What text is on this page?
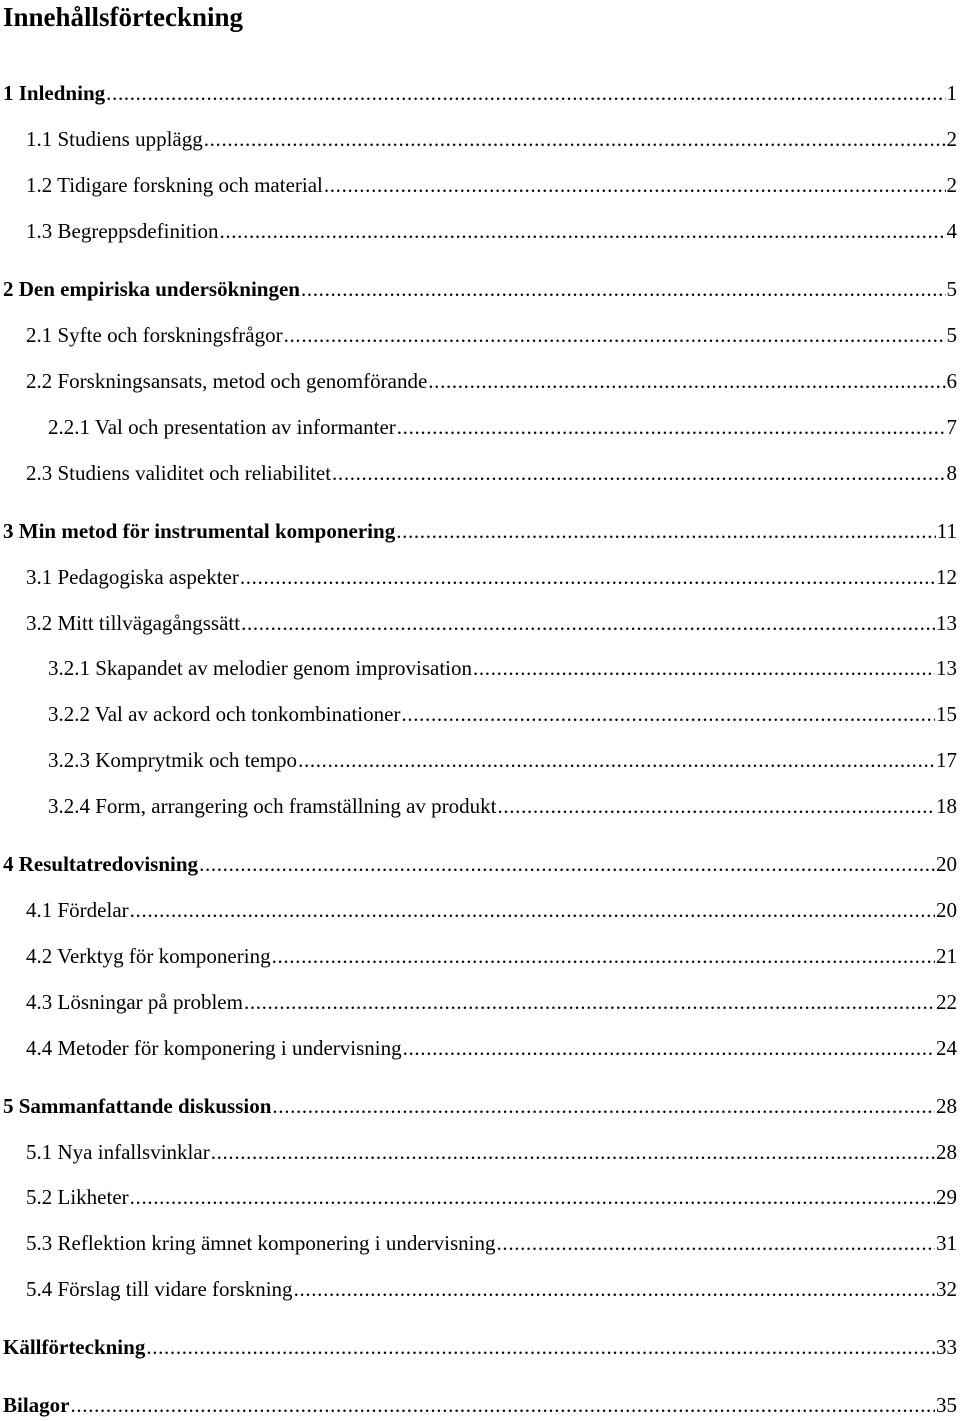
Innehållsförteckning
1 Inledning . . .	1
1.1 Studiens upplägg . . .	2
1.2 Tidigare forskning och material . . .	2
1.3 Begreppsdefinition . . .	4
2 Den empiriska undersökningen . . .	5
2.1 Syfte och forskningsfrågor . . .	5
2.2 Forskningsansats, metod och genomförande . . .	6
2.2.1 Val och presentation av informanter . . .	7
2.3 Studiens validitet och reliabilitet . . .	8
3 Min metod för instrumental komponering . . .	11
3.1 Pedagogiska aspekter . . .	12
3.2 Mitt tillvägagångssätt . . .	13
3.2.1 Skapandet av melodier genom improvisation . . .	13
3.2.2 Val av ackord och tonkombinationer . . .	15
3.2.3 Komprytmik och tempo . . .	17
3.2.4 Form, arrangering och framställning av produkt . . .	18
4 Resultatredovisning . . .	20
4.1 Fördelar . . .	20
4.2 Verktyg för komponering . . .	21
4.3 Lösningar på problem . . .	22
4.4 Metoder för komponering i undervisning . . .	24
5 Sammanfattande diskussion . . .	28
5.1 Nya infallsvinklar . . .	28
5.2 Likheter . . .	29
5.3 Reflektion kring ämnet komponering i undervisning . . .	31
5.4 Förslag till vidare forskning . . .	32
Källförteckning . . .	33
Bilagor . . .	35
